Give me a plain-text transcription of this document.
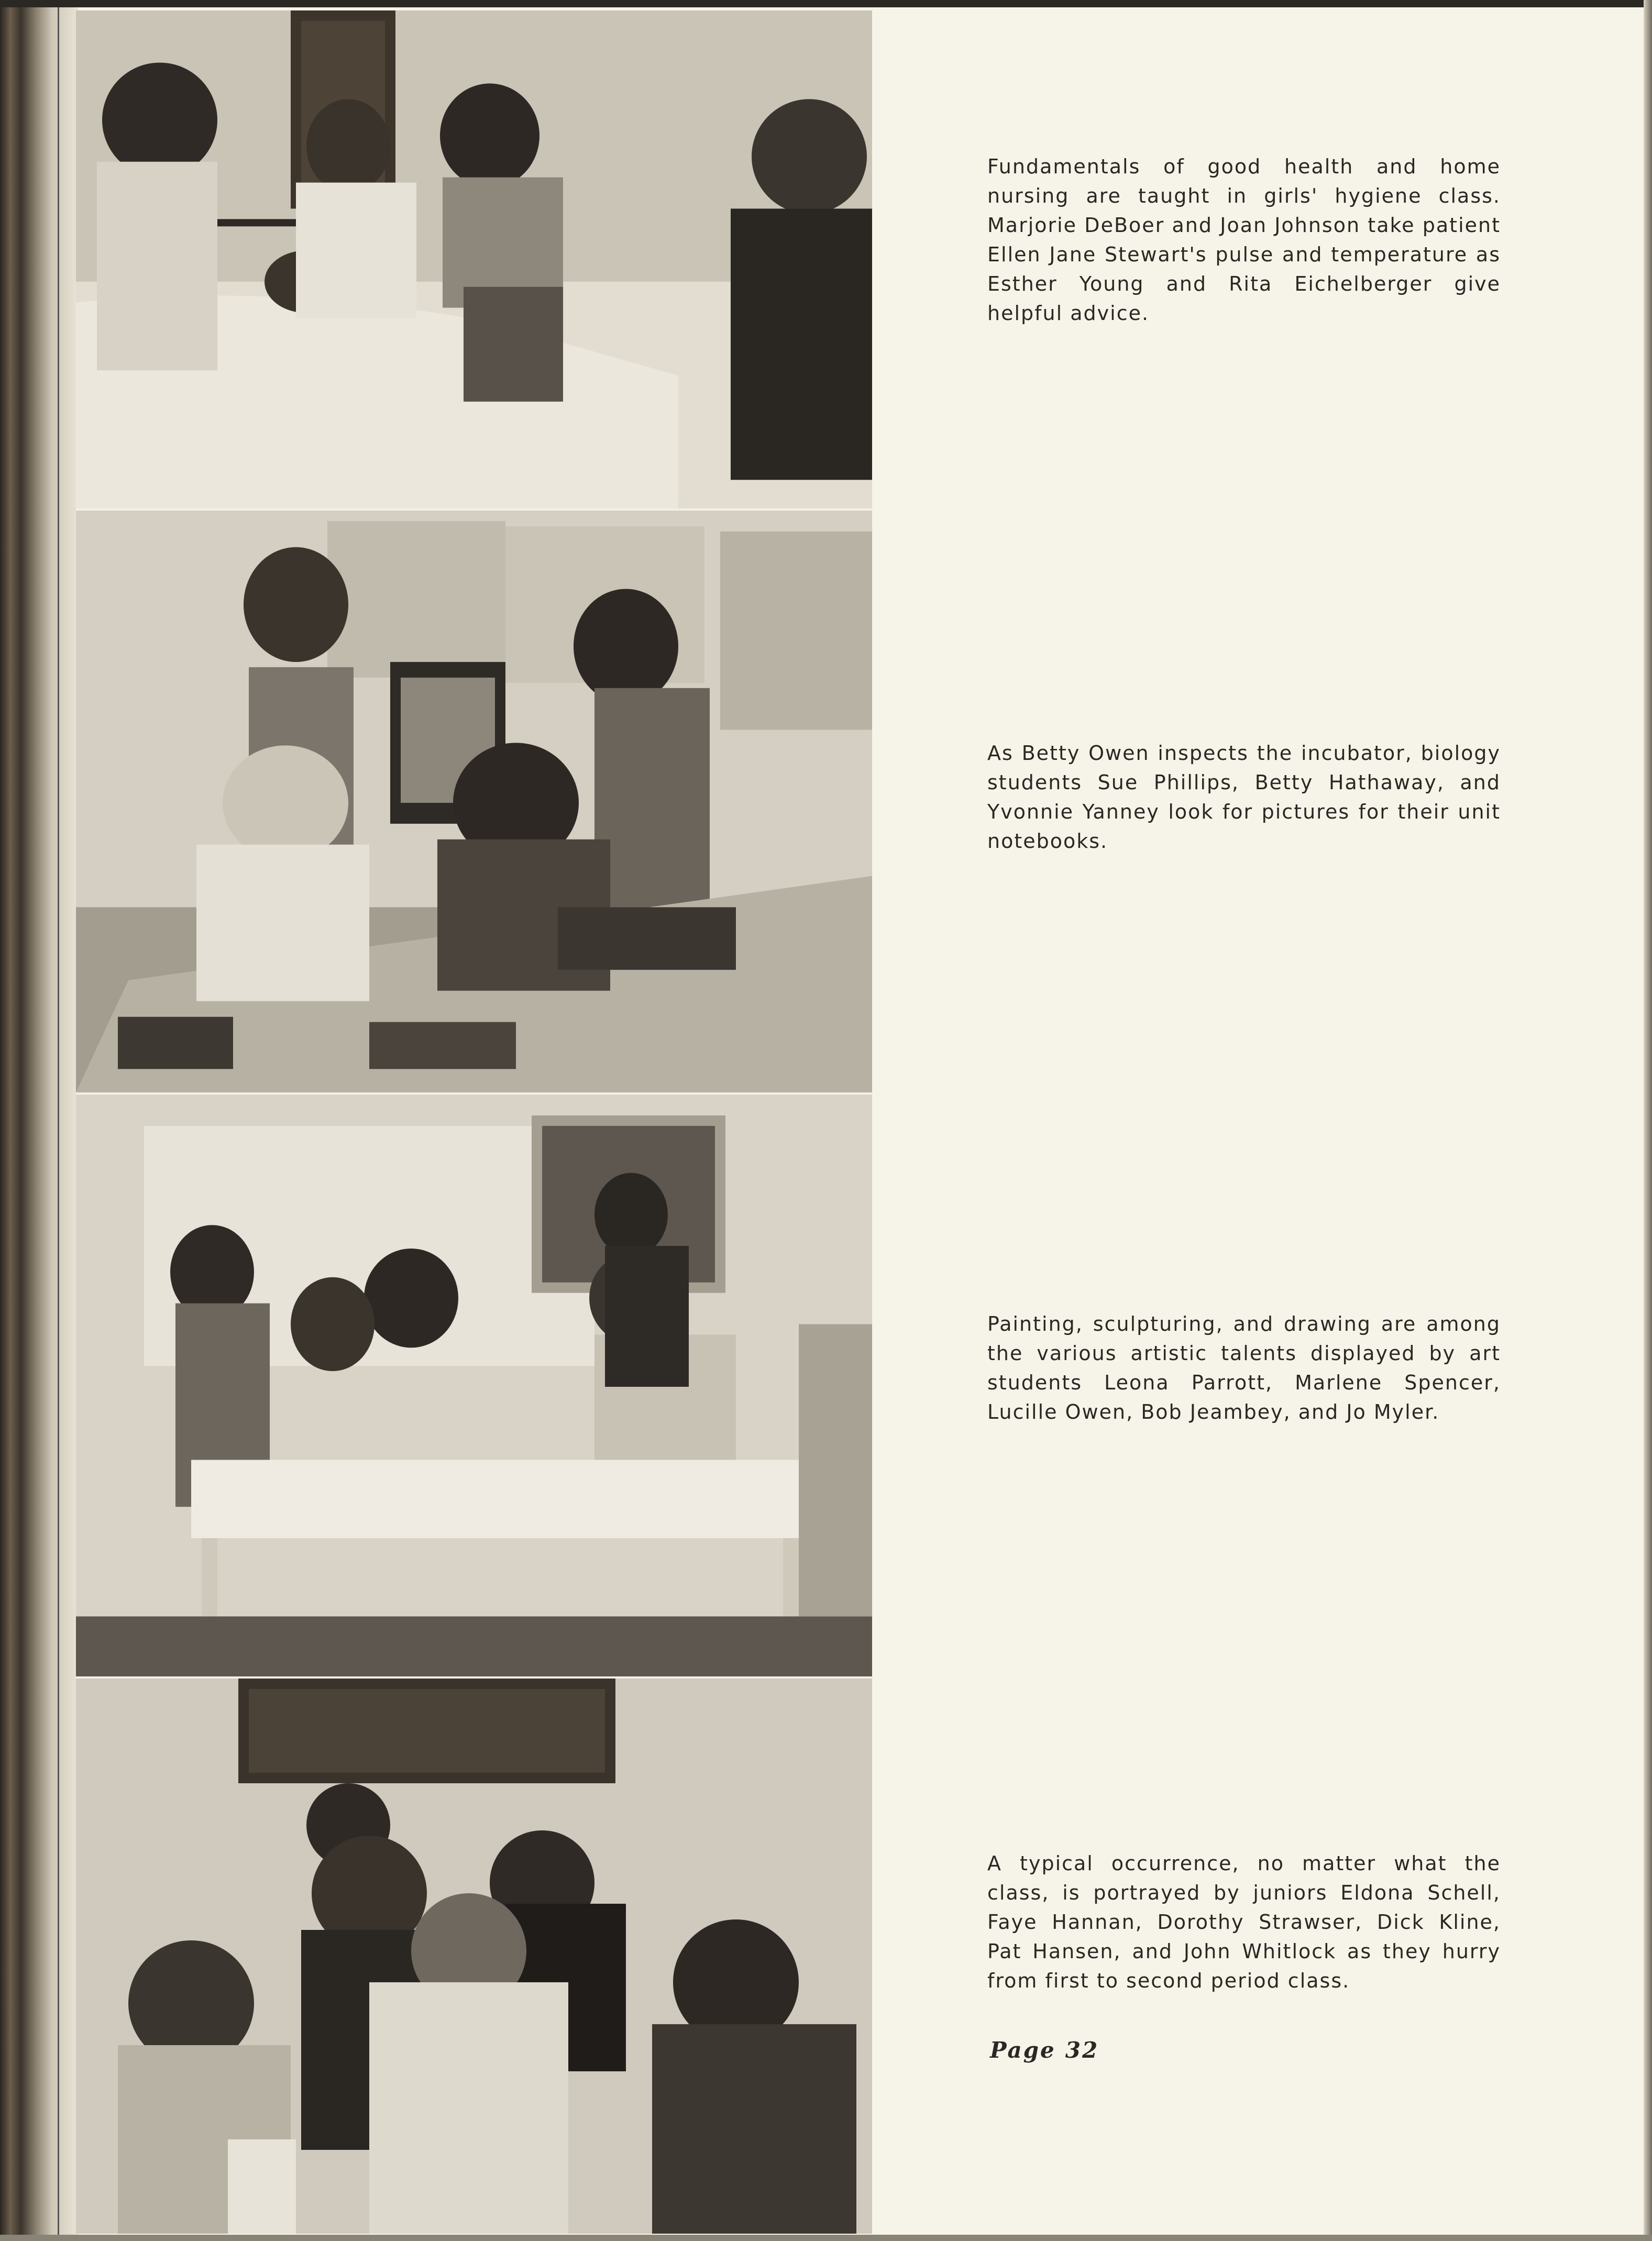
Fundamentals of good health and home nursing are taught in girls' hygiene class. Marjorie DeBoer and Joan Johnson take patient Ellen Jane Stewart's pulse and temperature as Esther Young and Rita Eichelberger give helpful advice.
As Betty Owen inspects the incubator, biology students Sue Phillips, Betty Hathaway, and Yvonnie Yanney look for pictures for their unit notebooks.
Painting, sculpturing, and drawing are among the various artistic talents displayed by art students Leona Parrott, Marlene Spencer, Lucille Owen, Bob Jeambey, and Jo Myler.
A typical occurrence, no matter what the class, is portrayed by juniors Eldona Schell, Faye Hannan, Dorothy Strawser, Dick Kline, Pat Hansen, and John Whitlock as they hurry from first to second period class.
Page 32
